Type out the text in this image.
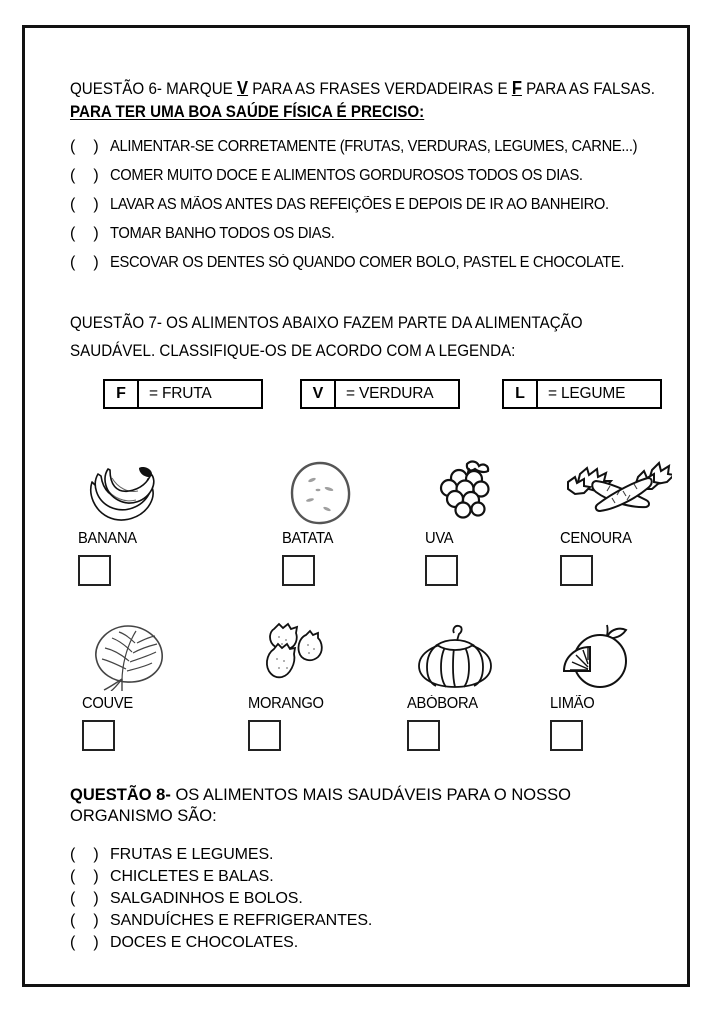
QUESTÃO 6- MARQUE V PARA AS FRASES VERDADEIRAS E F PARA AS FALSAS.
PARA TER UMA BOA SAÚDE FÍSICA É PRECISO:
( ) ALIMENTAR-SE CORRETAMENTE (FRUTAS, VERDURAS, LEGUMES, CARNE...)
( ) COMER MUITO DOCE E ALIMENTOS GORDUROSOS TODOS OS DIAS.
( ) LAVAR AS MÃOS ANTES DAS REFEIÇÕES E DEPOIS DE IR AO BANHEIRO.
( ) TOMAR BANHO TODOS OS DIAS.
( ) ESCOVAR OS DENTES SÓ QUANDO COMER BOLO, PASTEL E CHOCOLATE.
QUESTÃO 7- OS ALIMENTOS ABAIXO FAZEM PARTE DA ALIMENTAÇÃO
SAUDÁVEL. CLASSIFIQUE-OS DE ACORDO COM A LEGENDA:
F	= FRUTA	V	= VERDURA	L	= LEGUME
BANANA	BATATA	UVA	CENOURA
COUVE	MORANGO	ABÓBORA	LIMÃO
QUESTÃO 8- OS ALIMENTOS MAIS SAUDÁVEIS PARA O NOSSO
ORGANISMO SÃO:
( ) FRUTAS E LEGUMES.
( ) CHICLETES E BALAS.
( ) SALGADINHOS E BOLOS.
( ) SANDUÍCHES E REFRIGERANTES.
( ) DOCES E CHOCOLATES.
